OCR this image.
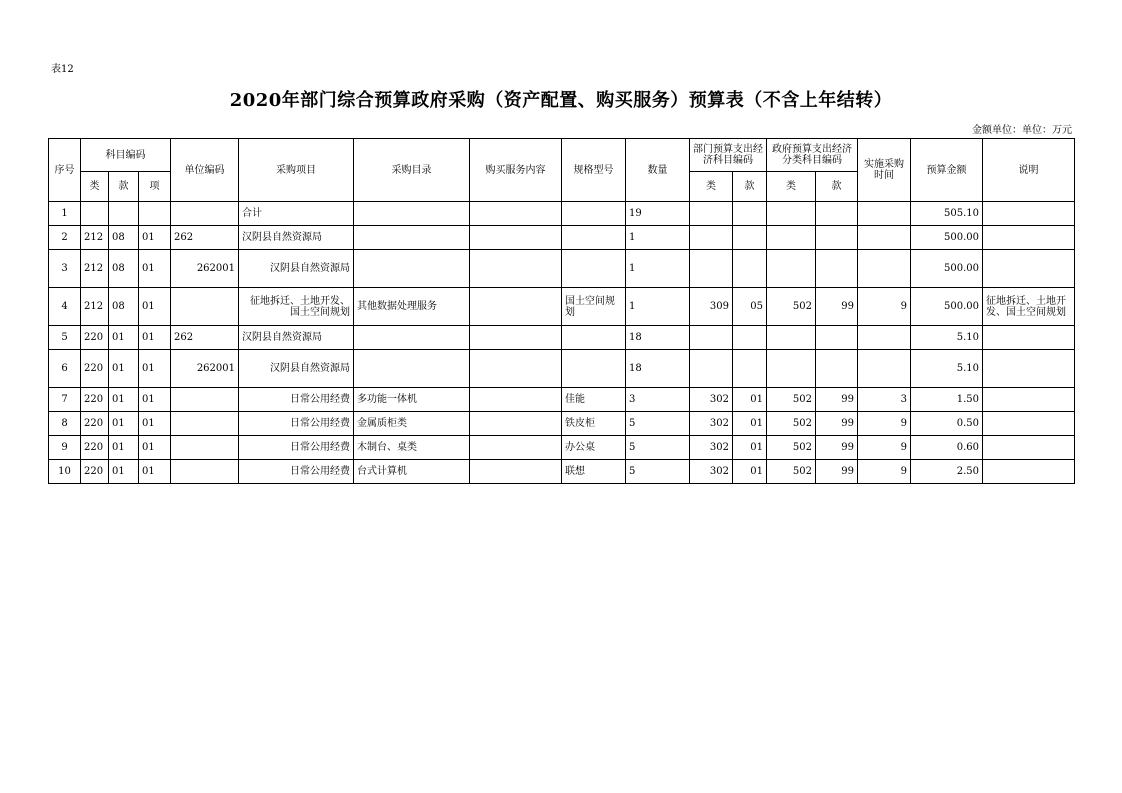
表12
2020年部门综合预算政府采购（资产配置、购买服务）预算表（不含上年结转）
金额单位：单位：万元
序号	科目编码			单位编码	采购项目	采购目录	购买服务内容	规格型号	数量	部门预算支出经济科目编码		政府预算支出经济分类科目编码		实施采购时间	预算金额	说明
	类	款	项							类	款	类	款			
1					合计				19						505.10	
2	212	08	01	262	汉阴县自然资源局				1						500.00	
3	212	08	01	262001	汉阴县自然资源局				1						500.00	
4	212	08	01		征地拆迁、土地开发、国土空间规划	其他数据处理服务		国土空间规划	1	309	05	502	99	9	500.00	征地拆迁、土地开发、国土空间规划
5	220	01	01	262	汉阴县自然资源局				18						5.10	
6	220	01	01	262001	汉阴县自然资源局				18						5.10	
7	220	01	01		日常公用经费	多功能一体机		佳能	3	302	01	502	99	3	1.50	
8	220	01	01		日常公用经费	金属质柜类		铁皮柜	5	302	01	502	99	9	0.50	
9	220	01	01		日常公用经费	木制台、桌类		办公桌	5	302	01	502	99	9	0.60	
10	220	01	01		日常公用经费	台式计算机		联想	5	302	01	502	99	9	2.50	
